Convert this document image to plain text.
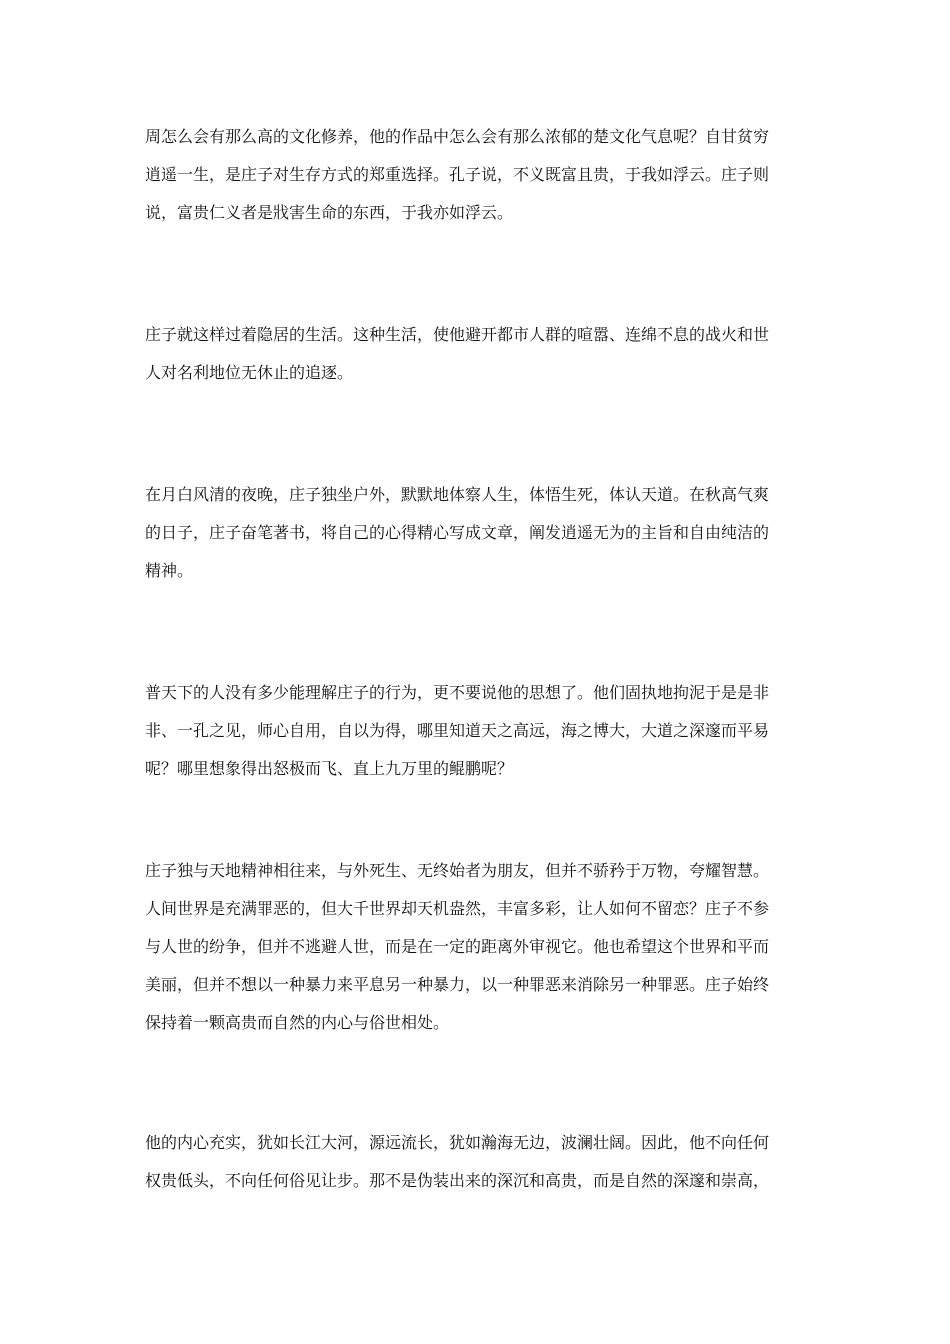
周怎么会有那么高的文化修养，他的作品中怎么会有那么浓郁的楚文化气息呢？自甘贫穷
逍遥一生，是庄子对生存方式的郑重选择。孔子说，不义既富且贵，于我如浮云。庄子则
说，富贵仁义者是戕害生命的东西，于我亦如浮云。

庄子就这样过着隐居的生活。这种生活，使他避开都市人群的喧嚣、连绵不息的战火和世
人对名利地位无休止的追逐。

在月白风清的夜晚，庄子独坐户外，默默地体察人生，体悟生死，体认天道。在秋高气爽
的日子，庄子奋笔著书，将自己的心得精心写成文章，阐发逍遥无为的主旨和自由纯洁的
精神。

普天下的人没有多少能理解庄子的行为，更不要说他的思想了。他们固执地拘泥于是是非
非、一孔之见，师心自用，自以为得，哪里知道天之高远，海之博大，大道之深邃而平易
呢？哪里想象得出怒极而飞、直上九万里的鲲鹏呢？

庄子独与天地精神相往来，与外死生、无终始者为朋友，但并不骄矜于万物，夸耀智慧。
人间世界是充满罪恶的，但大千世界却天机盎然，丰富多彩，让人如何不留恋？庄子不参
与人世的纷争，但并不逃避人世，而是在一定的距离外审视它。他也希望这个世界和平而
美丽，但并不想以一种暴力来平息另一种暴力，以一种罪恶来消除另一种罪恶。庄子始终
保持着一颗高贵而自然的内心与俗世相处。

他的内心充实，犹如长江大河，源远流长，犹如瀚海无边，波澜壮阔。因此，他不向任何
权贵低头，不向任何俗见让步。那不是伪装出来的深沉和高贵，而是自然的深邃和崇高，
